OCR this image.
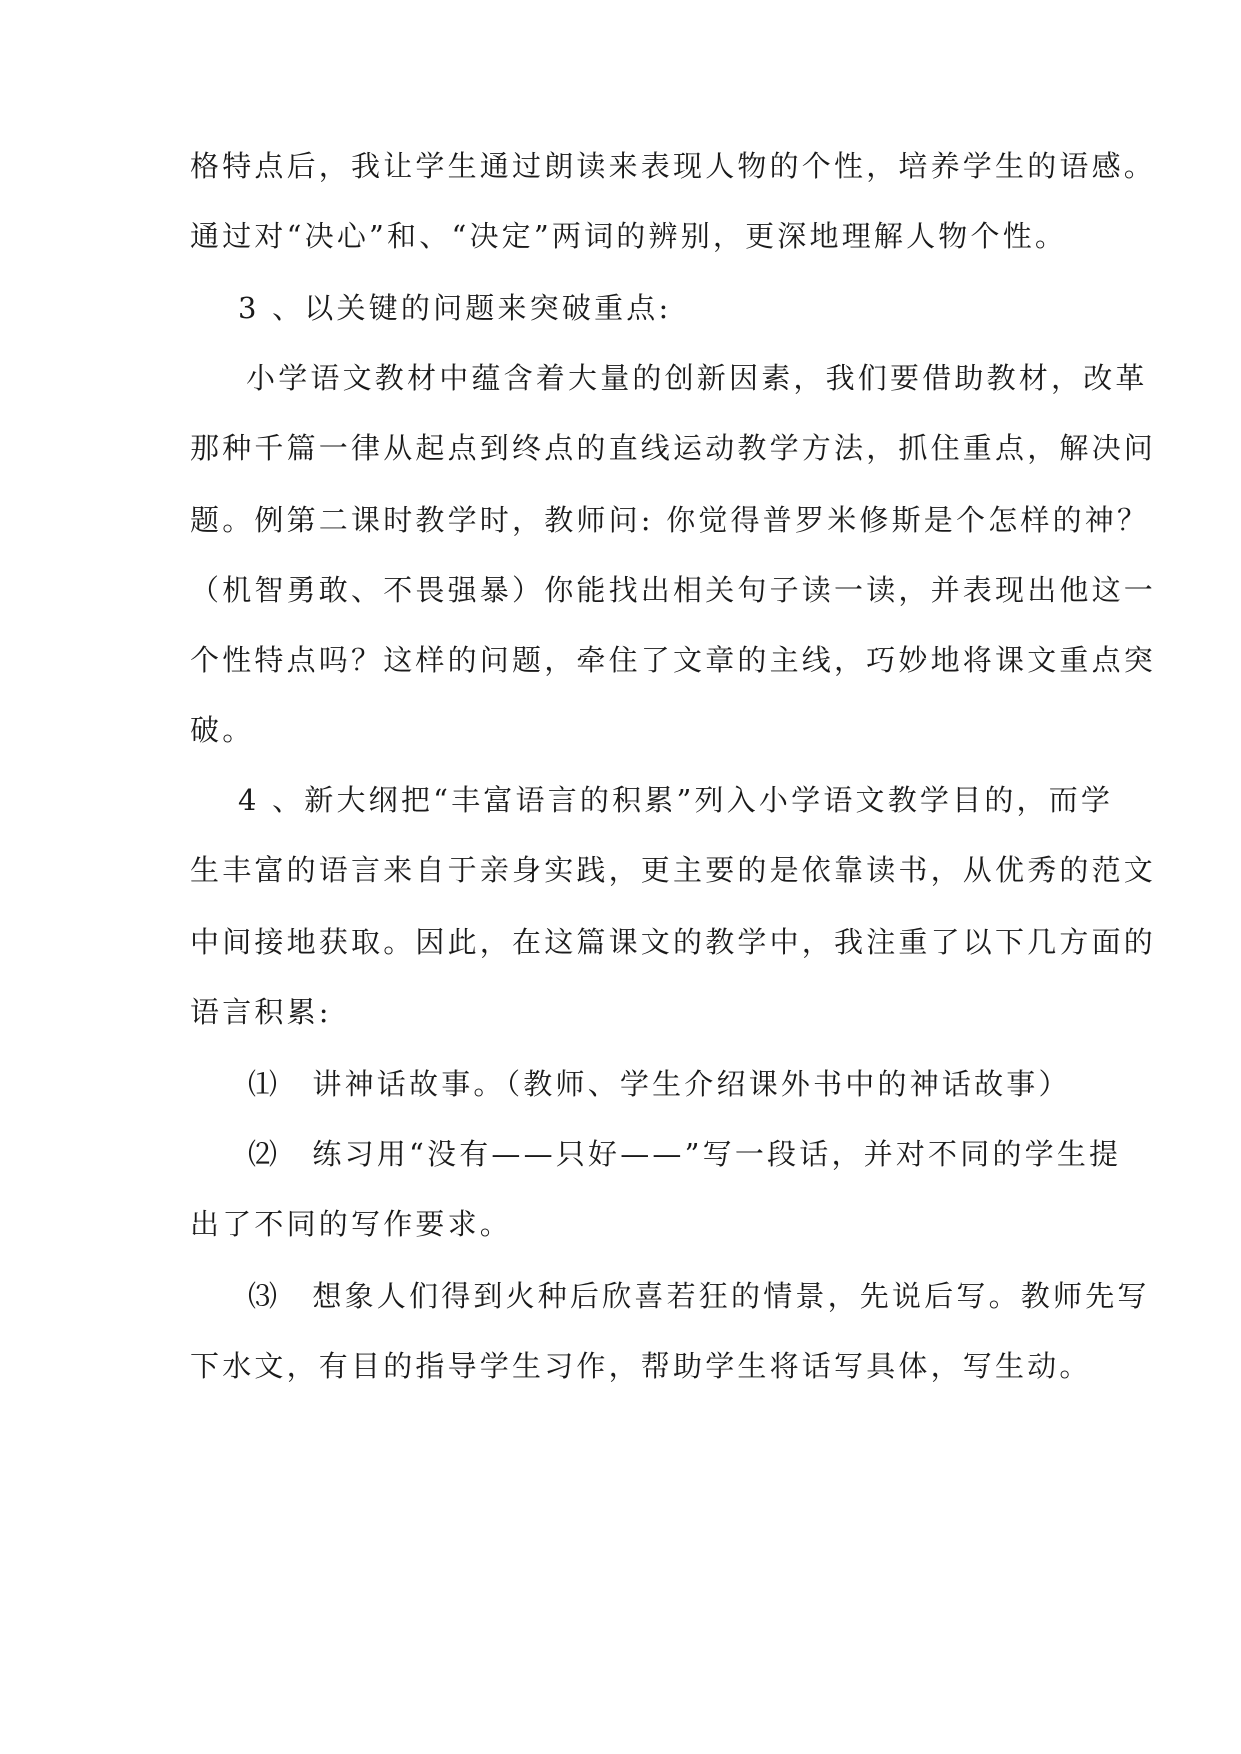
格特点后，我让学生通过朗读来表现人物的个性，培养学生的语感。
通过对“决心”和、“决定”两词的辨别，更深地理解人物个性。
3 、以关键的问题来突破重点:
小学语文教材中蕴含着大量的创新因素，我们要借助教材，改革
那种千篇一律从起点到终点的直线运动教学方法，抓住重点，解决问
题。例第二课时教学时，教师问: 你觉得普罗米修斯是个怎样的神？
（机智勇敢、不畏强暴）你能找出相关句子读一读，并表现出他这一
个性特点吗？这样的问题，牵住了文章的主线，巧妙地将课文重点突
破。
4 、新大纲把“丰富语言的积累”列入小学语文教学目的，而学
生丰富的语言来自于亲身实践，更主要的是依靠读书，从优秀的范文
中间接地获取。因此，在这篇课文的教学中，我注重了以下几方面的
语言积累:
⑴　讲神话故事。（教师、学生介绍课外书中的神话故事）
⑵　练习用“没有——只好——”写一段话，并对不同的学生提
出了不同的写作要求。
⑶　想象人们得到火种后欣喜若狂的情景，先说后写。教师先写
下水文，有目的指导学生习作，帮助学生将话写具体，写生动。
